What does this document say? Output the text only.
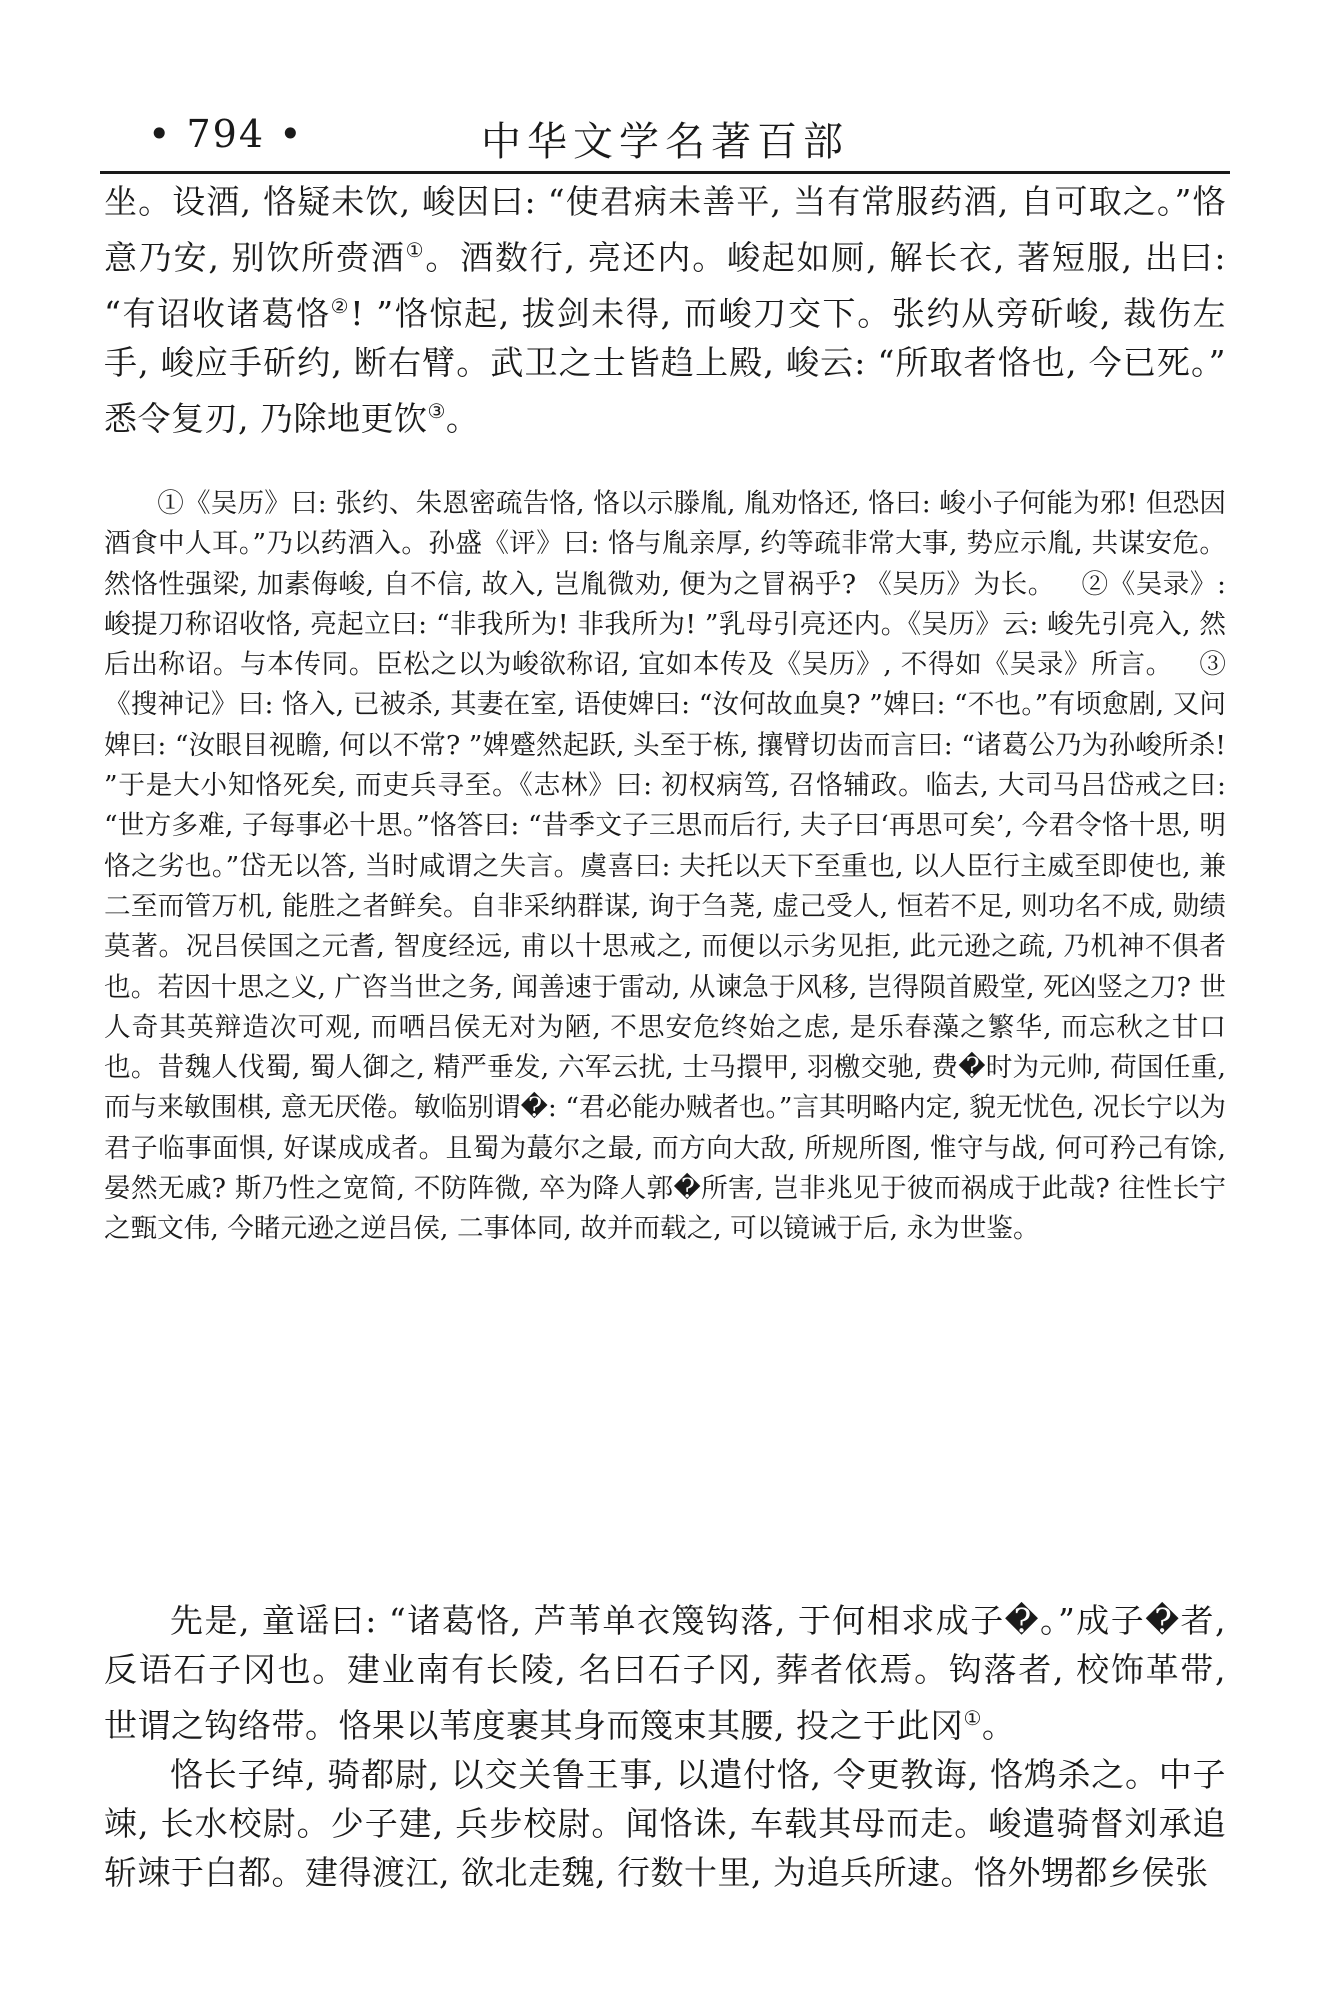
• 794 •	中华文学名著百部

坐。设酒, 恪疑未饮, 峻因曰: “使君病未善平, 当有常服药酒, 自可取之。”恪意乃安, 别饮所赍酒①。酒数行, 亮还内。峻起如厕, 解长衣, 著短服, 出曰: “有诏收诸葛恪②! ”恪惊起, 拔剑未得, 而峻刀交下。张约从旁斫峻, 裁伤左手, 峻应手斫约, 断右臂。武卫之士皆趋上殿, 峻云: “所取者恪也, 今已死。” 悉令复刃, 乃除地更饮③。

①《吴历》曰: 张约、朱恩密疏告恪, 恪以示滕胤, 胤劝恪还, 恪曰: 峻小子何能为邪! 但恐因酒食中人耳。”乃以药酒入。孙盛《评》曰: 恪与胤亲厚, 约等疏非常大事, 势应示胤, 共谋安危。然恪性强梁, 加素侮峻, 自不信, 故入, 岂胤微劝, 便为之冒祸乎? 《吴历》为长。 ②《吴录》: 峻提刀称诏收恪, 亮起立曰: “非我所为! 非我所为! ”乳母引亮还内。《吴历》云: 峻先引亮入, 然后出称诏。与本传同。臣松之以为峻欲称诏, 宜如本传及《吴历》, 不得如《吴录》所言。 ③《搜神记》曰: 恪入, 已被杀, 其妻在室, 语使婢曰: “汝何故血臭? ”婢曰: “不也。”有顷愈剧, 又问婢曰: “汝眼目视瞻, 何以不常? ”婢蹙然起跃, 头至于栋, 攘臂切齿而言曰: “诸葛公乃为孙峻所杀! ”于是大小知恪死矣, 而吏兵寻至。《志林》曰: 初权病笃, 召恪辅政。临去, 大司马吕岱戒之曰: “世方多难, 子每事必十思。”恪答曰: “昔季文子三思而后行, 夫子曰‘再思可矣’, 今君令恪十思, 明恪之劣也。”岱无以答, 当时咸谓之失言。虞喜曰: 夫托以天下至重也, 以人臣行主威至即使也, 兼二至而管万机, 能胜之者鲜矣。自非采纳群谋, 询于刍荛, 虚己受人, 恒若不足, 则功名不成, 勋绩莫著。况吕侯国之元耆, 智度经远, 甫以十思戒之, 而便以示劣见拒, 此元逊之疏, 乃机神不俱者也。若因十思之义, 广咨当世之务, 闻善速于雷动, 从谏急于风移, 岂得陨首殿堂, 死凶竖之刀? 世人奇其英辩造次可观, 而哂吕侯无对为陋, 不思安危终始之虑, 是乐春藻之繁华, 而忘秋之甘口也。昔魏人伐蜀, 蜀人御之, 精严垂发, 六军云扰, 士马擐甲, 羽檄交驰, 费�时为元帅, 荷国任重, 而与来敏围棋, 意无厌倦。敏临别谓�: “君必能办贼者也。”言其明略内定, 貌无忧色, 况长宁以为君子临事面惧, 好谋成成者。且蜀为蕞尔之最, 而方向大敌, 所规所图, 惟守与战, 何可矜己有馀, 晏然无戚? 斯乃性之宽简, 不防阵微, 卒为降人郭�所害, 岂非兆见于彼而祸成于此哉? 往性长宁之甄文伟, 今睹元逊之逆吕侯, 二事体同, 故并而载之, 可以镜诫于后, 永为世鉴。

先是, 童谣曰: “诸葛恪, 芦苇单衣篾钩落, 于何相求成子�。”成子�者, 反语石子冈也。建业南有长陵, 名曰石子冈, 葬者依焉。钩落者, 校饰革带, 世谓之钩络带。恪果以苇度裹其身而篾束其腰, 投之于此冈①。

恪长子绰, 骑都尉, 以交关鲁王事, 以遣付恪, 令更教诲, 恪鸩杀之。中子竦, 长水校尉。少子建, 兵步校尉。闻恪诛, 车载其母而走。峻遣骑督刘承追斩竦于白都。建得渡江, 欲北走魏, 行数十里, 为追兵所逮。恪外甥都乡侯张
